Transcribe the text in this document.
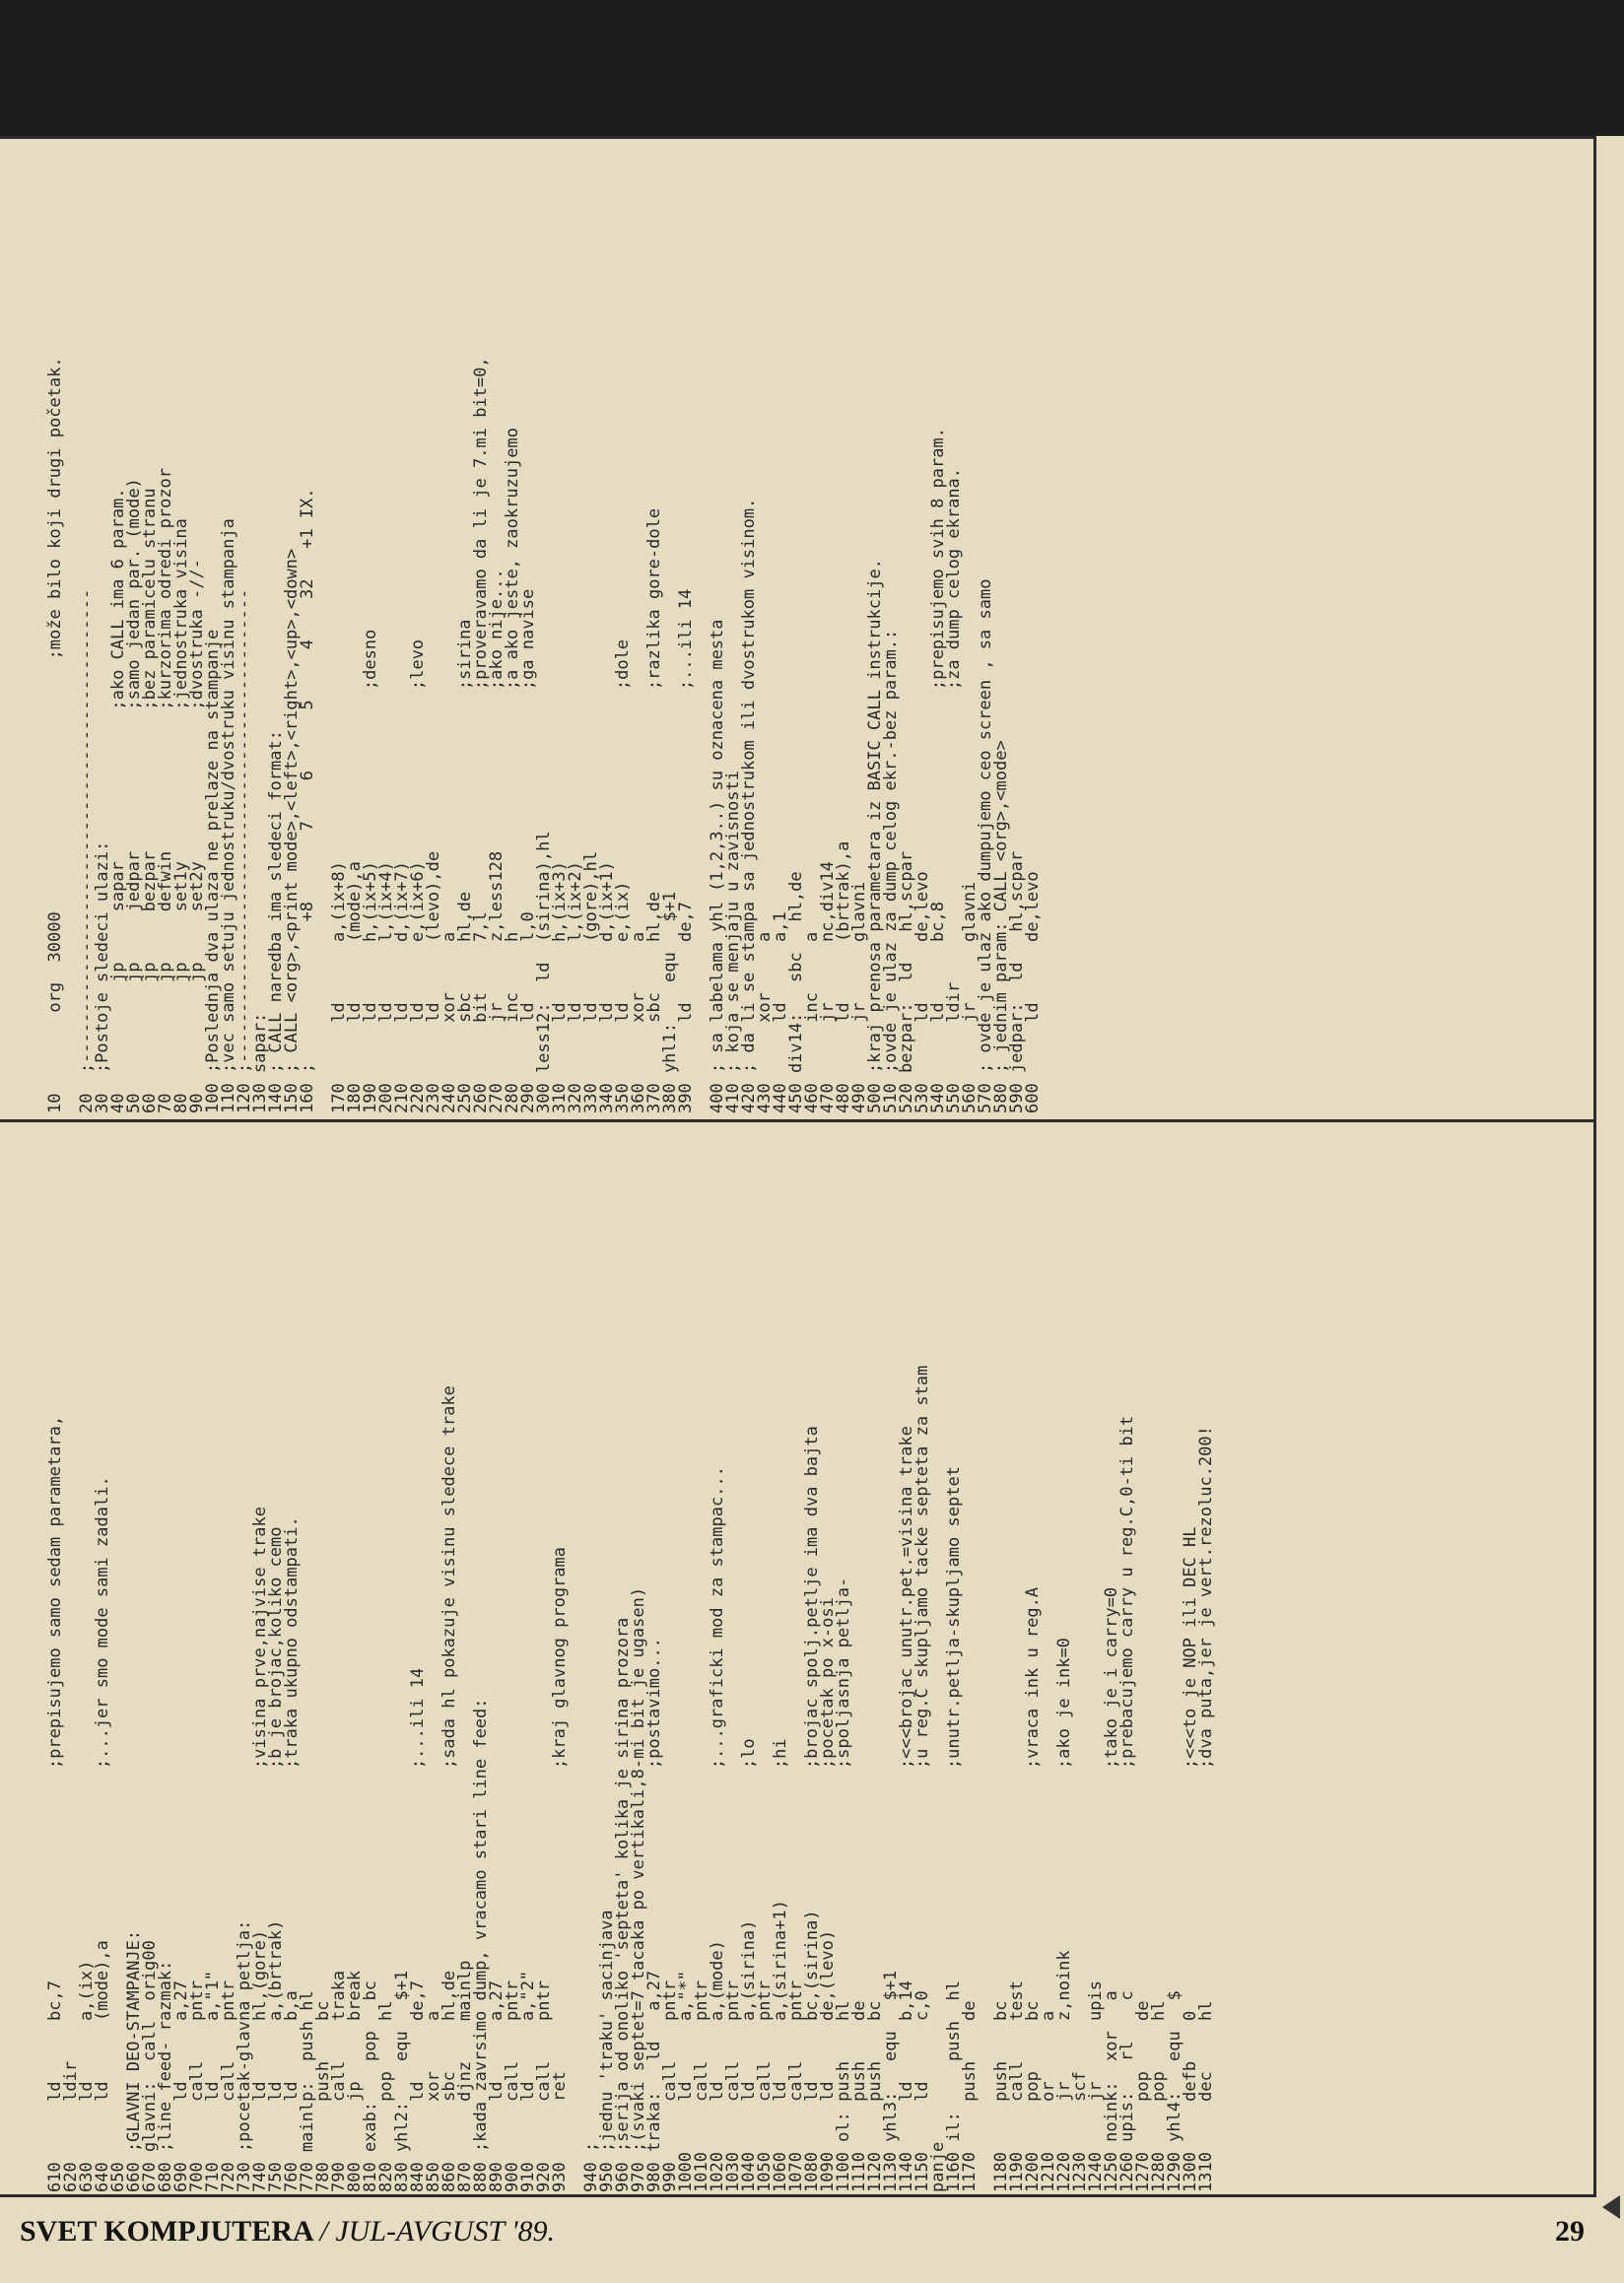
10        org  30000                         ;može bilo koji drugi početak. 20  ;-----------------------------------------------
30  ;Postoje sledeci ulazi:
40           jp     sapar               ;ako CALL ima 6 param.
50           jp     jedpar              ;samo jedan par. (mode)
60           jp     bezpar              ;bez paramicelu stranu
70           jp     defwin              ;kurzorima odredi prozor
80           jp     set1y               ;jednostruka visina
90           jp     set2y               ;dvostruka -//-
100 ;Poslednja dva ulaza ne prelaze na stampanje
110 ;vec samo setuju jednostruku/dvostruku visinu stampanja
120 ;-----------------------------------------------
130 sapar:
140 ; CALL naredba ima sledeci format:
150 ; CALL <org>,<print mode>,<left>,<right>,<up>,<down>
160 ;              +8       7    6      5     4    32   +1 IX. 170      ld      a,(ix+8)
180      ld      (mode),a
190      ld      h,(ix+5)                 ;desno
200      ld      l,(ix+4)
210      ld      d,(ix+7)
220      ld      e,(ix+6)                 ;levo
230      ld      (levo),de
240      xor     a
250      sbc     hl,de                    ;sirina
260      bit     7,l                      ;proveravamo da li je 7.mi bit=0,
270      jr      z,less128                ;ako nije...
280      inc     h                        ;a ako jeste, zaokruzujemo
290      ld      l,0                      ;ga navise
300 less12:  ld  (sirina),hl
310      ld      h,(ix+3)
320      ld      l,(ix+2)
330      ld      (gore),hl
340      ld      d,(ix+1)
350      ld      e,(ix)                   ;dole
360      xor     a
370      sbc     hl,de                    ;razlika gore-dole
380 yhl1:    equ   $+1
390      ld      de,7                     ;...ili 14 400 ; sa labelama yhl (1,2,3..) su oznacena mesta
410 ; koja se menjaju u zavisnosti
420 ; da li se stampa sa jednostrukom ili dvostrukom visinom.
430      xor     a
440      ld      a,1
450 div14:   sbc   hl,de
460      inc     a
470      jr      nc,div14
480      ld      (brtrak),a
490      jr      glavni
500 ;kraj prenosa parametara iz BASIC CALL instrukcije.
510 ;ovde je ulaz za dump celog ekr.-bez param.:
520 bezpar:  ld   hl,scpar
530      ld      de,levo
540      ld      bc,8                     ;prepisujemo svih 8 param.
550      ldir                             ;za dump celog ekrana.
560      jr      glavni
570 ; ovde je ulaz ako dumpujemo ceo screen , sa samo
580 ; jednim param: CALL <org>,<mode>
590 jedpar:  ld   hl,scpar
600      ld      de,levo
610      ld      bc,7                     ;prepisujemo samo sedam parametara,
620      ldir
630      ld      a,(ix)
640      ld      (mode),a                 ;...jer smo mode sami zadali.
650
660 ;GLAVNI DEO-STAMPANJE:
670 glavni:  call  orig00
680 ;line feed- razmak:
690      ld      a,27
700      call    pntr
710      ld      a,"1"
720      call    pntr
730 ;pocetak-glavna petlja:
740      ld      hl,(gore)                ;visina prve,najvise trake
750      ld      a,(brtrak)               ;b je brojac,koliko cemo
760      ld      b,a                      ;traka ukupno odstampati.
770 mainlp:  push hl
780      push    bc
790      call    traka
800      jp      break
810 exab:    pop   bc
820      pop     hl
830 yhl2:    equ   $+1
840      ld      de,7                     ;...ili 14
850      xor     a
860      sbc     hl,de                    ;sada hl pokazuje visinu sledece trake
870      djnz    mainlp
880 ;kada zavrsimo dump, vracamo stari line feed:
890      ld      a,27
900      call    pntr
910      ld      a,"2"
920      call    pntr
930      ret                              ;kraj glavnog programa 940 ;
950 ;jednu 'traku' sacinjava
960 ;serija od onoliko 'septeta' kolika je sirina prozora
970 ;(svaki septet=7 tacaka po vertikali,8-mi bit je ugasen)
980 traka:   ld   a,27                    ;postavimo...
990      call    pntr
1000     ld      a,"*"
1010     call    pntr
1020     ld      a,(mode)                 ;...graficki mod za stampac...
1030     call    pntr
1040     ld      a,(sirina)               ;lo
1050     call    pntr
1060     ld      a,(sirina+1)             ;hi
1070     call    pntr
1080     ld      bc,(sirina)              ;brojac spolj.petlje ima dva bajta
1090     ld      de,(levo)                ;pocetak po x-osi
1100 ol: push    hl                       ;spoljasnja petlja-
1110     push    de
1120     push    bc
1130 yhl3:   equ   $+1
1140     ld      b,14                     ;<<<brojac unutr.pet.=visina trake
1150     ld      c,0                      ;u reg.C skupljamo tacke septeta za stam
panje
1160 il:     push  hl                     ;unutr.petlja-skupljamo septet
1170     push    de 1180     push    bc
1190     call    test
1200     pop     bc                       ;vraca ink u reg.A
1210     or      a
1220     jr      z,noink                  ;ako je ink=0
1230     scf
1240     jr      upis
1250 noink:  xor   a                      ;tako je i carry=0
1260 upis:   rl    c                      ;prebacujemo carry u reg.C,0-ti bit
1270     pop     de
1280     pop     hl
1290 yhl4:   equ   $
1300     defb    0                        ;<<<to je NOP ili DEC HL
1310     dec     hl                       ;dva puta,jer je vert.rezoluc.200!
SVET KOMPJUTERA / JUL-AVGUST '89.	29
